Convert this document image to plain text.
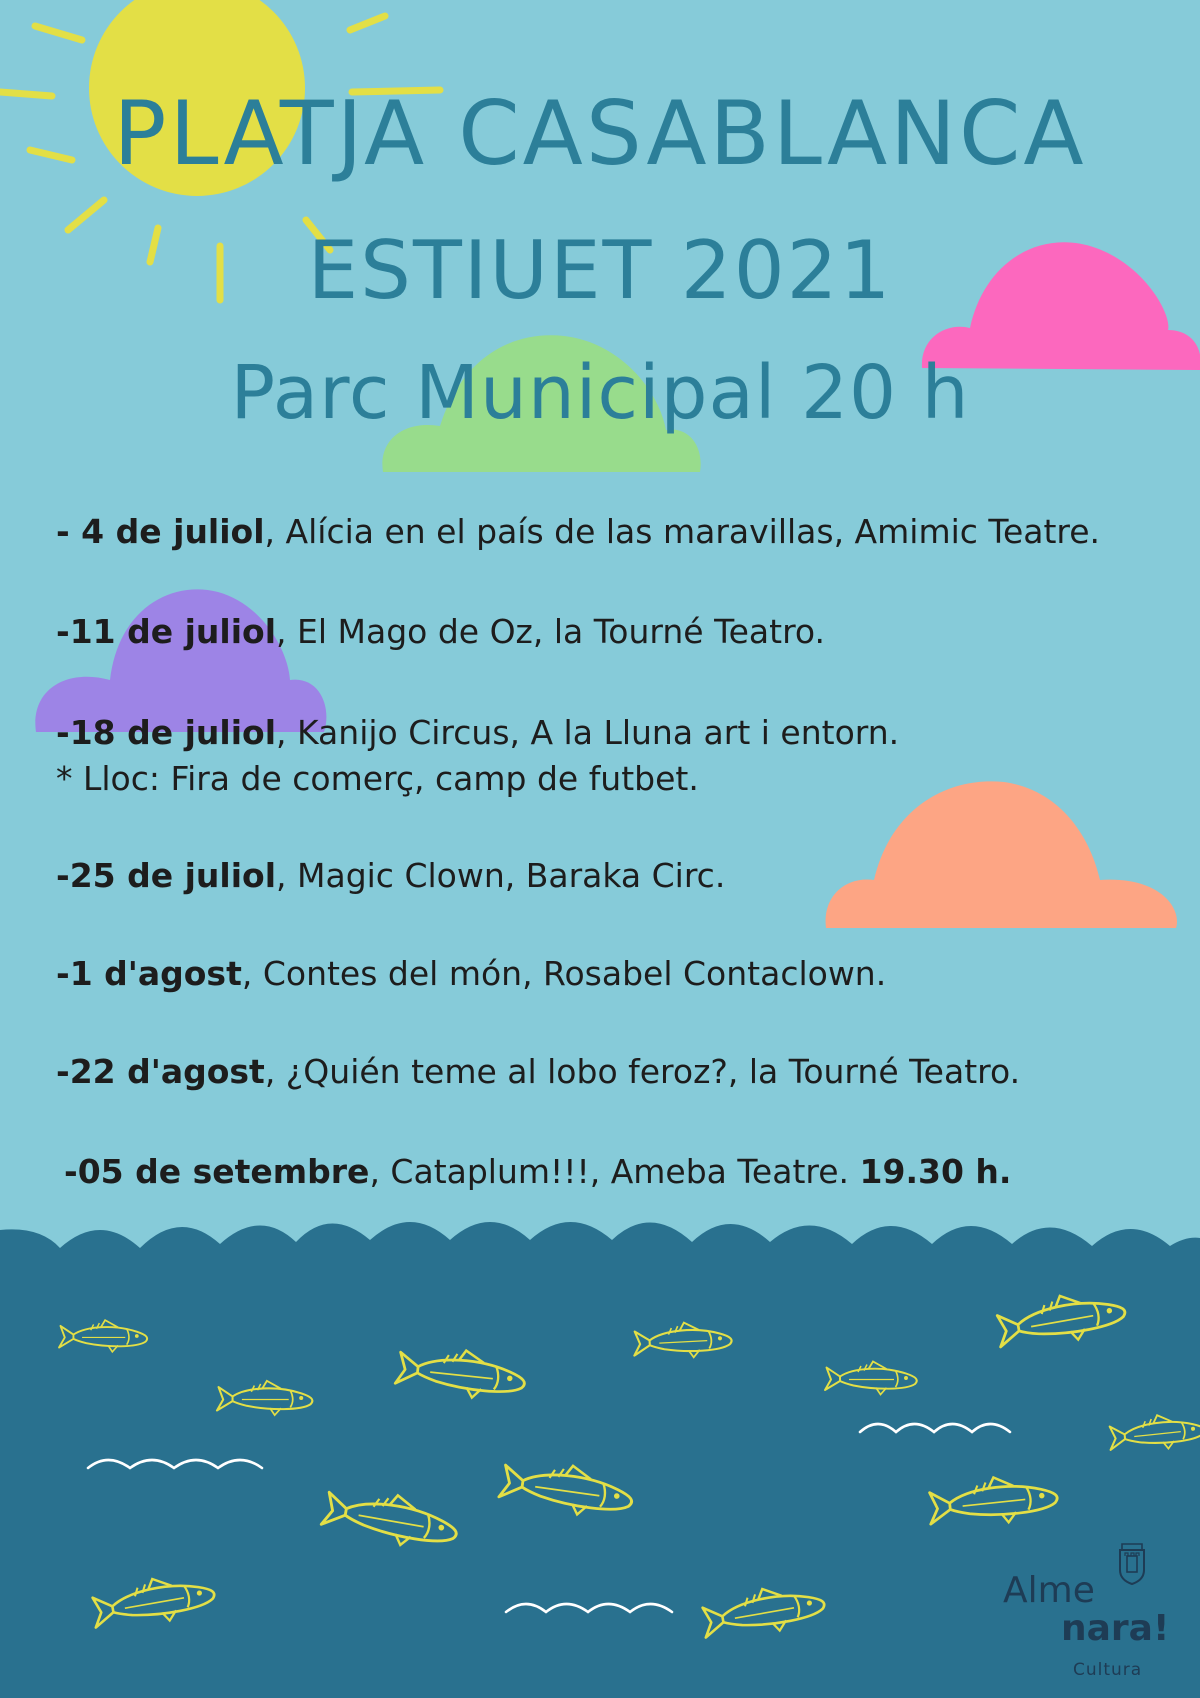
PLATJA CASABLANCA
ESTIUET 2021
Parc Municipal 20 h
- 4 de juliol, Alícia en el país de las maravillas, Amimic Teatre.
-11 de juliol, El Mago de Oz, la Tourné Teatro.
-18 de juliol, Kanijo Circus, A la Lluna art i entorn.
* Lloc: Fira de comerç, camp de futbet.
-25 de juliol, Magic Clown, Baraka Circ.
-1 d'agost, Contes del món, Rosabel Contaclown.
-22 d'agost, ¿Quién teme al lobo feroz?, la Tourné Teatro.
-05 de setembre, Cataplum!!!, Ameba Teatre. 19.30 h.
Alme
nara!
Cultura
